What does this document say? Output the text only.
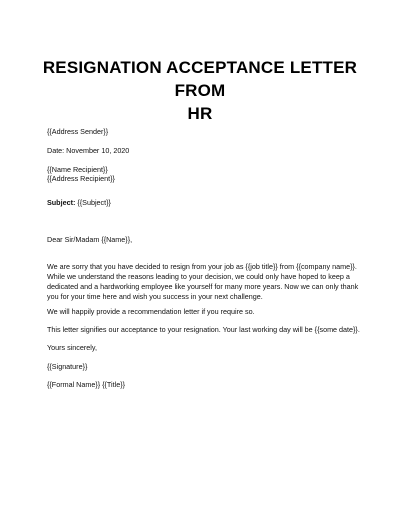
RESIGNATION ACCEPTANCE LETTER FROM
HR

{{Address Sender}}

Date: November 10, 2020

{{Name Recipient}}

{{Address Recipient}}

Subject: {{Subject}}

Dear Sir/Madam {{Name}},

We are sorry that you have decided to resign from your job as {{job title}} from {{company name}}. While we understand the reasons leading to your decision, we could only have hoped to keep a dedicated and a hardworking employee like yourself for many more years. Now we can only thank you for your time here and wish you success in your next challenge.

We will happily provide a recommendation letter if you require so.

This letter signifies our acceptance to your resignation. Your last working day will be {{some date}}.

Yours sincerely,

{{Signature}}

{{Formal Name}} {{Title}}
